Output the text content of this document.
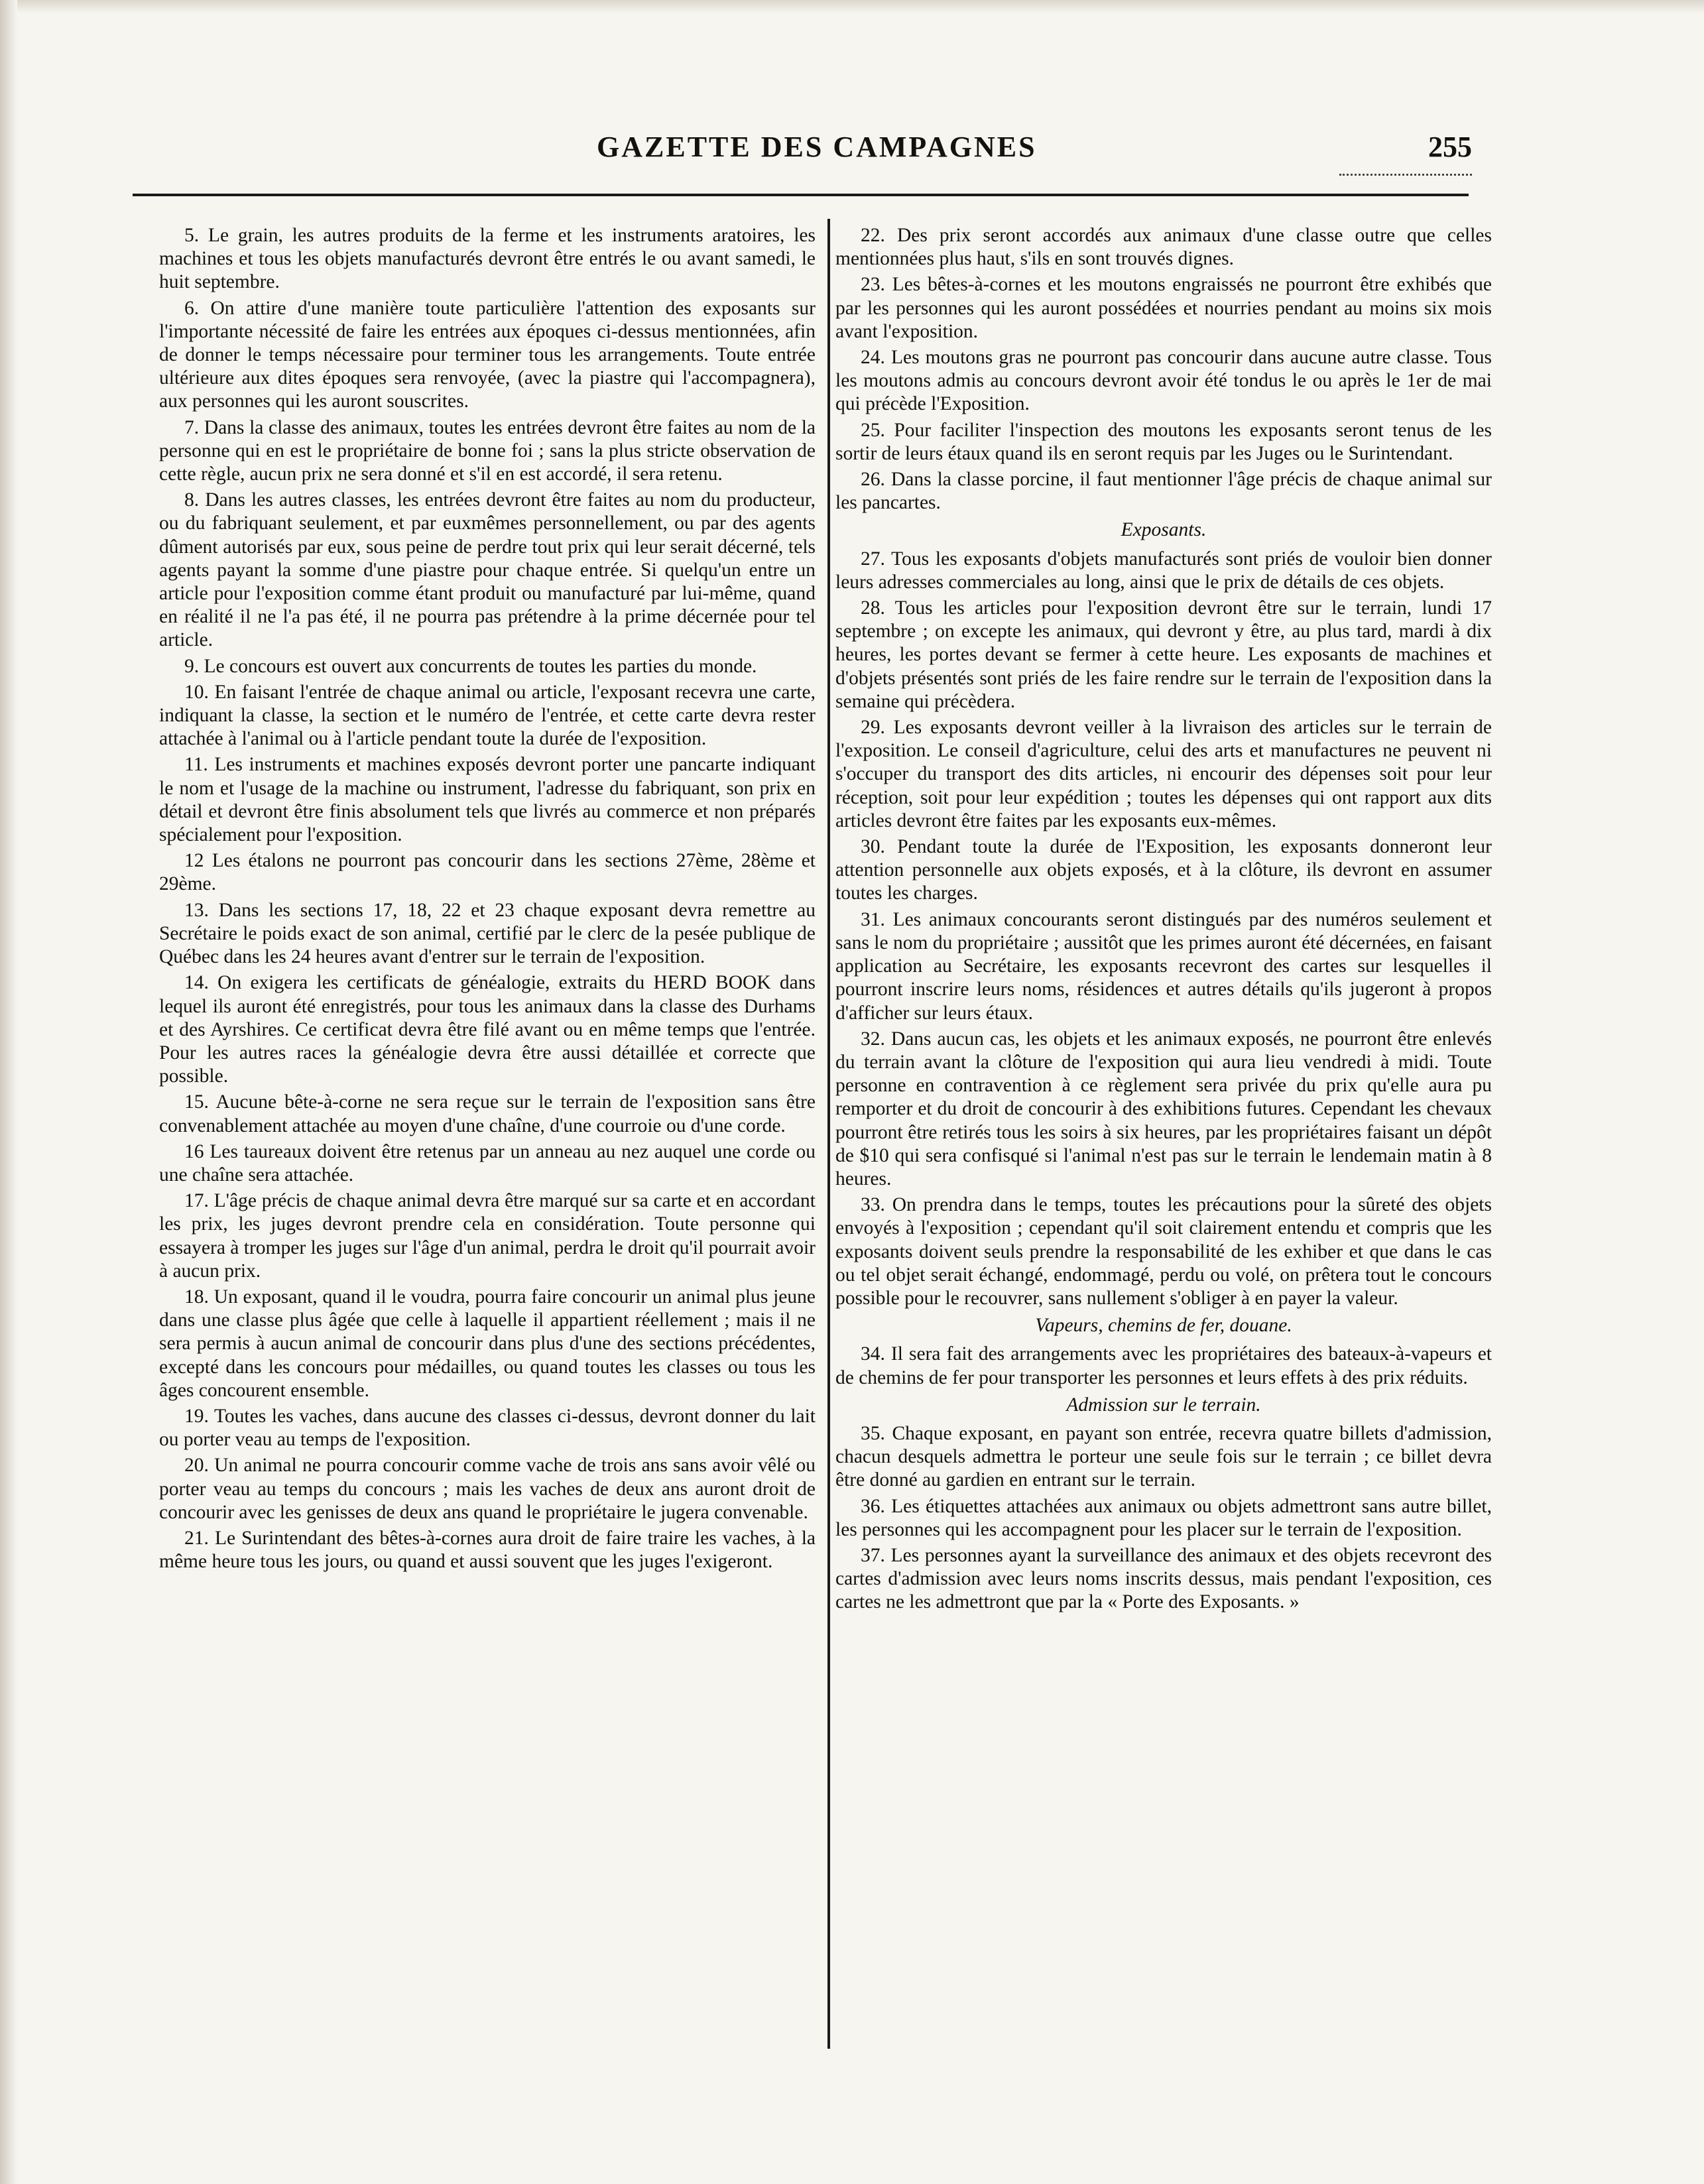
GAZETTE DES CAMPAGNES	255

5. Le grain, les autres produits de la ferme et les instruments aratoires, les machines et tous les objets manufacturés devront être entrés le ou avant samedi, le huit septembre.

6. On attire d'une manière toute particulière l'attention des exposants sur l'importante nécessité de faire les entrées aux époques ci-dessus mentionnées, afin de donner le temps nécessaire pour terminer tous les arrangements. Toute entrée ultérieure aux dites époques sera renvoyée, (avec la piastre qui l'accompagnera), aux personnes qui les auront souscrites.

7. Dans la classe des animaux, toutes les entrées devront être faites au nom de la personne qui en est le propriétaire de bonne foi ; sans la plus stricte observation de cette règle, aucun prix ne sera donné et s'il en est accordé, il sera retenu.

8. Dans les autres classes, les entrées devront être faites au nom du producteur, ou du fabriquant seulement, et par euxmêmes personnellement, ou par des agents dûment autorisés par eux, sous peine de perdre tout prix qui leur serait décerné, tels agents payant la somme d'une piastre pour chaque entrée. Si quelqu'un entre un article pour l'exposition comme étant produit ou manufacturé par lui-même, quand en réalité il ne l'a pas été, il ne pourra pas prétendre à la prime décernée pour tel article.

9. Le concours est ouvert aux concurrents de toutes les parties du monde.

10. En faisant l'entrée de chaque animal ou article, l'exposant recevra une carte, indiquant la classe, la section et le numéro de l'entrée, et cette carte devra rester attachée à l'animal ou à l'article pendant toute la durée de l'exposition.

11. Les instruments et machines exposés devront porter une pancarte indiquant le nom et l'usage de la machine ou instrument, l'adresse du fabriquant, son prix en détail et devront être finis absolument tels que livrés au commerce et non préparés spécialement pour l'exposition.

12 Les étalons ne pourront pas concourir dans les sections 27ème, 28ème et 29ème.

13. Dans les sections 17, 18, 22 et 23 chaque exposant devra remettre au Secrétaire le poids exact de son animal, certifié par le clerc de la pesée publique de Québec dans les 24 heures avant d'entrer sur le terrain de l'exposition.

14. On exigera les certificats de généalogie, extraits du HERD BOOK dans lequel ils auront été enregistrés, pour tous les animaux dans la classe des Durhams et des Ayrshires. Ce certificat devra être filé avant ou en même temps que l'entrée. Pour les autres races la généalogie devra être aussi détaillée et correcte que possible.

15. Aucune bête-à-corne ne sera reçue sur le terrain de l'exposition sans être convenablement attachée au moyen d'une chaîne, d'une courroie ou d'une corde.

16 Les taureaux doivent être retenus par un anneau au nez auquel une corde ou une chaîne sera attachée.

17. L'âge précis de chaque animal devra être marqué sur sa carte et en accordant les prix, les juges devront prendre cela en considération. Toute personne qui essayera à tromper les juges sur l'âge d'un animal, perdra le droit qu'il pourrait avoir à aucun prix.

18. Un exposant, quand il le voudra, pourra faire concourir un animal plus jeune dans une classe plus âgée que celle à laquelle il appartient réellement ; mais il ne sera permis à aucun animal de concourir dans plus d'une des sections précédentes, excepté dans les concours pour médailles, ou quand toutes les classes ou tous les âges concourent ensemble.

19. Toutes les vaches, dans aucune des classes ci-dessus, devront donner du lait ou porter veau au temps de l'exposition.

20. Un animal ne pourra concourir comme vache de trois ans sans avoir vêlé ou porter veau au temps du concours ; mais les vaches de deux ans auront droit de concourir avec les genisses de deux ans quand le propriétaire le jugera convenable.

21. Le Surintendant des bêtes-à-cornes aura droit de faire traire les vaches, à la même heure tous les jours, ou quand et aussi souvent que les juges l'exigeront.

22. Des prix seront accordés aux animaux d'une classe outre que celles mentionnées plus haut, s'ils en sont trouvés dignes.

23. Les bêtes-à-cornes et les moutons engraissés ne pourront être exhibés que par les personnes qui les auront possédées et nourries pendant au moins six mois avant l'exposition.

24. Les moutons gras ne pourront pas concourir dans aucune autre classe. Tous les moutons admis au concours devront avoir été tondus le ou après le 1er de mai qui précède l'Exposition.

25. Pour faciliter l'inspection des moutons les exposants seront tenus de les sortir de leurs étaux quand ils en seront requis par les Juges ou le Surintendant.

26. Dans la classe porcine, il faut mentionner l'âge précis de chaque animal sur les pancartes.

Exposants.

27. Tous les exposants d'objets manufacturés sont priés de vouloir bien donner leurs adresses commerciales au long, ainsi que le prix de détails de ces objets.

28. Tous les articles pour l'exposition devront être sur le terrain, lundi 17 septembre ; on excepte les animaux, qui devront y être, au plus tard, mardi à dix heures, les portes devant se fermer à cette heure. Les exposants de machines et d'objets présentés sont priés de les faire rendre sur le terrain de l'exposition dans la semaine qui précèdera.

29. Les exposants devront veiller à la livraison des articles sur le terrain de l'exposition. Le conseil d'agriculture, celui des arts et manufactures ne peuvent ni s'occuper du transport des dits articles, ni encourir des dépenses soit pour leur réception, soit pour leur expédition ; toutes les dépenses qui ont rapport aux dits articles devront être faites par les exposants eux-mêmes.

30. Pendant toute la durée de l'Exposition, les exposants donneront leur attention personnelle aux objets exposés, et à la clôture, ils devront en assumer toutes les charges.

31. Les animaux concourants seront distingués par des numéros seulement et sans le nom du propriétaire ; aussitôt que les primes auront été décernées, en faisant application au Secrétaire, les exposants recevront des cartes sur lesquelles il pourront inscrire leurs noms, résidences et autres détails qu'ils jugeront à propos d'afficher sur leurs étaux.

32. Dans aucun cas, les objets et les animaux exposés, ne pourront être enlevés du terrain avant la clôture de l'exposition qui aura lieu vendredi à midi. Toute personne en contravention à ce règlement sera privée du prix qu'elle aura pu remporter et du droit de concourir à des exhibitions futures. Cependant les chevaux pourront être retirés tous les soirs à six heures, par les propriétaires faisant un dépôt de $10 qui sera confisqué si l'animal n'est pas sur le terrain le lendemain matin à 8 heures.

33. On prendra dans le temps, toutes les précautions pour la sûreté des objets envoyés à l'exposition ; cependant qu'il soit clairement entendu et compris que les exposants doivent seuls prendre la responsabilité de les exhiber et que dans le cas ou tel objet serait échangé, endommagé, perdu ou volé, on prêtera tout le concours possible pour le recouvrer, sans nullement s'obliger à en payer la valeur.

Vapeurs, chemins de fer, douane.

34. Il sera fait des arrangements avec les propriétaires des bateaux-à-vapeurs et de chemins de fer pour transporter les personnes et leurs effets à des prix réduits.

Admission sur le terrain.

35. Chaque exposant, en payant son entrée, recevra quatre billets d'admission, chacun desquels admettra le porteur une seule fois sur le terrain ; ce billet devra être donné au gardien en entrant sur le terrain.

36. Les étiquettes attachées aux animaux ou objets admettront sans autre billet, les personnes qui les accompagnent pour les placer sur le terrain de l'exposition.

37. Les personnes ayant la surveillance des animaux et des objets recevront des cartes d'admission avec leurs noms inscrits dessus, mais pendant l'exposition, ces cartes ne les admettront que par la « Porte des Exposants. »
